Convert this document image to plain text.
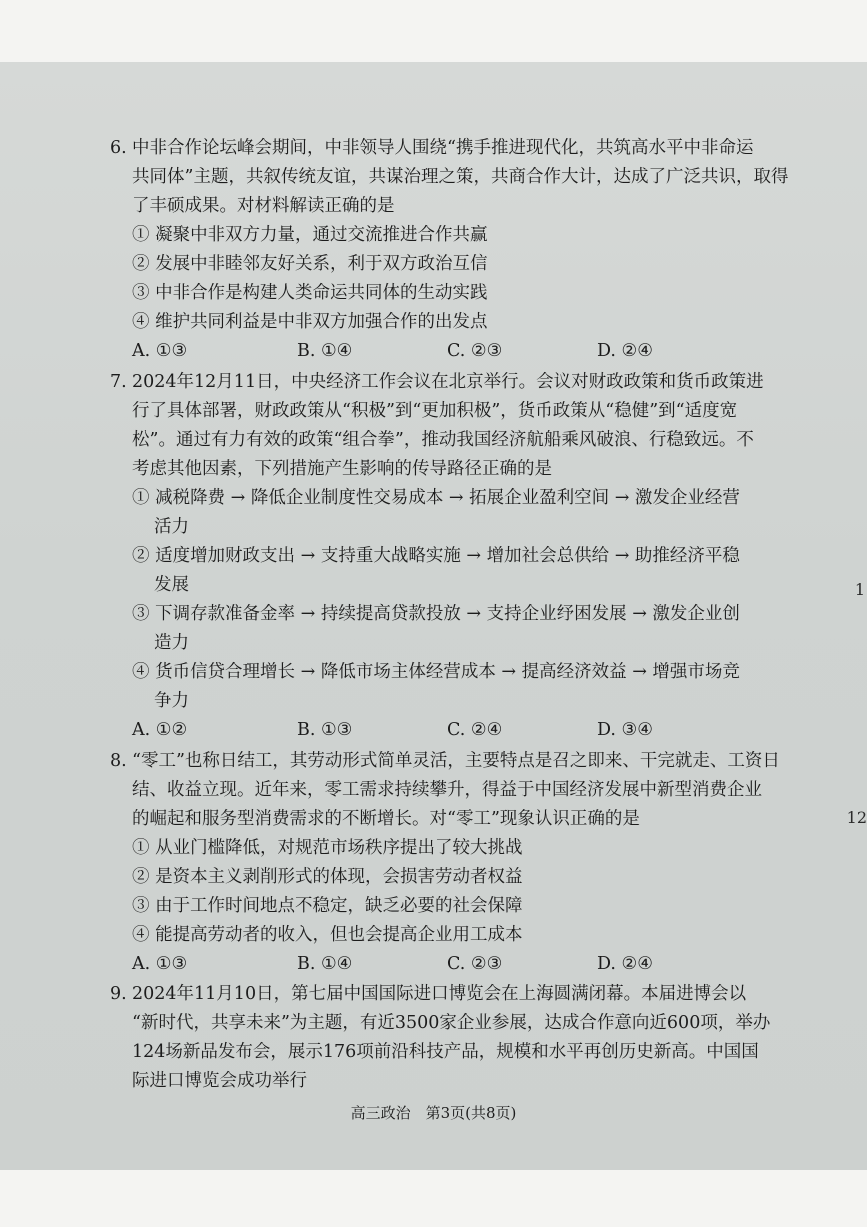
6. 中非合作论坛峰会期间，中非领导人围绕“携手推进现代化，共筑高水平中非命运
共同体”主题，共叙传统友谊，共谋治理之策，共商合作大计，达成了广泛共识，取得
了丰硕成果。对材料解读正确的是
① 凝聚中非双方力量，通过交流推进合作共赢
② 发展中非睦邻友好关系，利于双方政治互信
③ 中非合作是构建人类命运共同体的生动实践
④ 维护共同利益是中非双方加强合作的出发点
A. ①③	B. ①④	C. ②③	D. ②④
7. 2024年12月11日，中央经济工作会议在北京举行。会议对财政政策和货币政策进
行了具体部署，财政政策从“积极”到“更加积极”，货币政策从“稳健”到“适度宽
松”。通过有力有效的政策“组合拳”，推动我国经济航船乘风破浪、行稳致远。不
考虑其他因素，下列措施产生影响的传导路径正确的是
① 减税降费 → 降低企业制度性交易成本 → 拓展企业盈利空间 → 激发企业经营
活力
② 适度增加财政支出 → 支持重大战略实施 → 增加社会总供给 → 助推经济平稳
发展
③ 下调存款准备金率 → 持续提高贷款投放 → 支持企业纾困发展 → 激发企业创
造力
④ 货币信贷合理增长 → 降低市场主体经营成本 → 提高经济效益 → 增强市场竞
争力
A. ①②	B. ①③	C. ②④	D. ③④
8. “零工”也称日结工，其劳动形式简单灵活，主要特点是召之即来、干完就走、工资日
结、收益立现。近年来，零工需求持续攀升，得益于中国经济发展中新型消费企业
的崛起和服务型消费需求的不断增长。对“零工”现象认识正确的是
① 从业门槛降低，对规范市场秩序提出了较大挑战
② 是资本主义剥削形式的体现，会损害劳动者权益
③ 由于工作时间地点不稳定，缺乏必要的社会保障
④ 能提高劳动者的收入，但也会提高企业用工成本
A. ①③	B. ①④	C. ②③	D. ②④
9. 2024年11月10日，第七届中国国际进口博览会在上海圆满闭幕。本届进博会以
“新时代，共享未来”为主题，有近3500家企业参展，达成合作意向近600项，举办
124场新品发布会，展示176项前沿科技产品，规模和水平再创历史新高。中国国
际进口博览会成功举行
1
12
高三政治　第3页(共8页)
